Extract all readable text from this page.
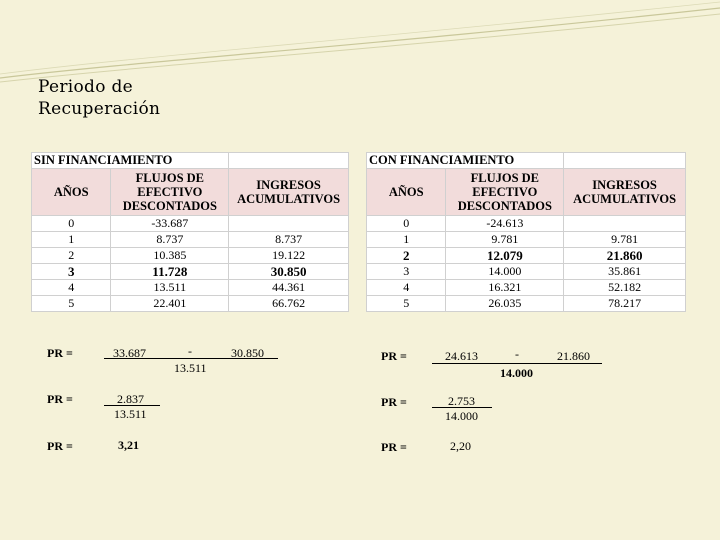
Periodo de
Recuperación
SIN FINANCIAMIENTO		
AÑOS	FLUJOS DE EFECTIVO DESCONTADOS	INGRESOS ACUMULATIVOS
0	-33.687	
1	8.737	8.737
2	10.385	19.122
3	11.728	30.850
4	13.511	44.361
5	22.401	66.762
CON FINANCIAMIENTO		
AÑOS	FLUJOS DE EFECTIVO DESCONTADOS	INGRESOS ACUMULATIVOS
0	-24.613	
1	9.781	9.781
2	12.079	21.860
3	14.000	35.861
4	16.321	52.182
5	26.035	78.217
PR =	33.687	-	30.850
13.511
PR =	2.837
13.511
PR =	3,21
PR =	24.613	-	21.860
14.000
PR =	2.753
14.000
PR =	2,20
